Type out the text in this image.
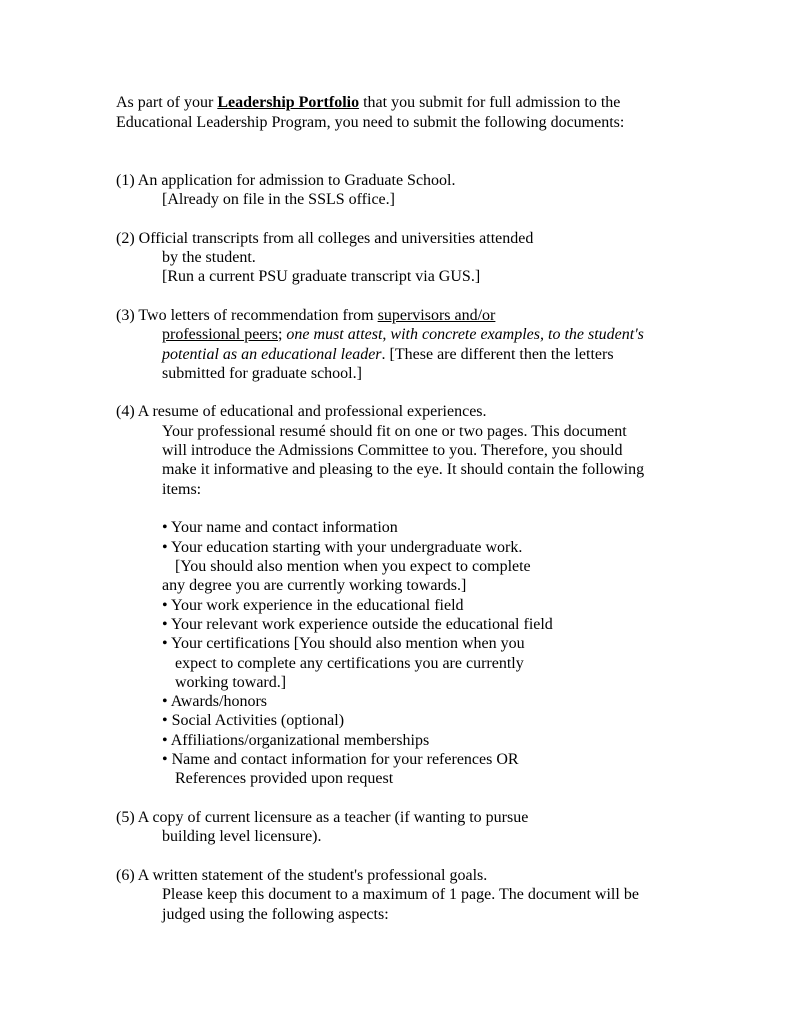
As part of your Leadership Portfolio that you submit for full admission to the
Educational Leadership Program, you need to submit the following documents:
(1) An application for admission to Graduate School.
[Already on file in the SSLS office.]
(2) Official transcripts from all colleges and universities attended
by the student.
[Run a current PSU graduate transcript via GUS.]
(3) Two letters of recommendation from supervisors and/or
professional peers; one must attest, with concrete examples, to the student's
potential as an educational leader. [These are different then the letters
submitted for graduate school.]
(4) A resume of educational and professional experiences.
Your professional resumé should fit on one or two pages. This document
will introduce the Admissions Committee to you. Therefore, you should
make it informative and pleasing to the eye. It should contain the following
items:
• Your name and contact information
• Your education starting with your undergraduate work.
[You should also mention when you expect to complete
any degree you are currently working towards.]
• Your work experience in the educational field
• Your relevant work experience outside the educational field
• Your certifications [You should also mention when you
expect to complete any certifications you are currently
working toward.]
• Awards/honors
• Social Activities (optional)
• Affiliations/organizational memberships
• Name and contact information for your references OR
References provided upon request
(5) A copy of current licensure as a teacher (if wanting to pursue
building level licensure).
(6) A written statement of the student's professional goals.
Please keep this document to a maximum of 1 page. The document will be
judged using the following aspects:
